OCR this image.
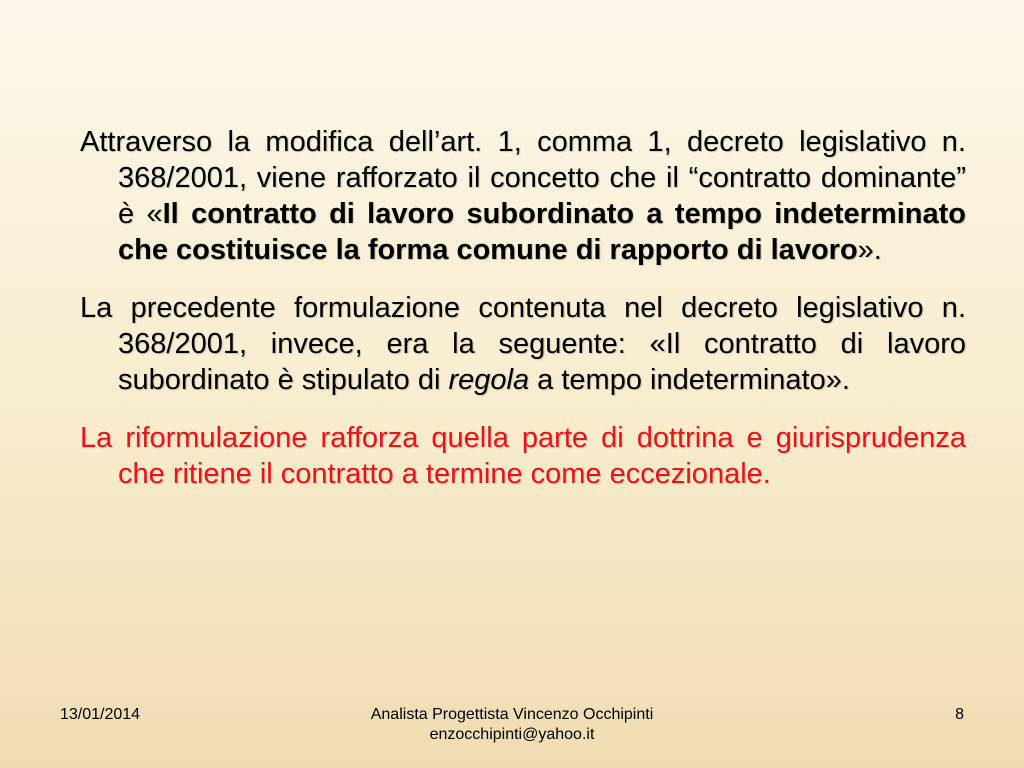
Attraverso la modifica dell’art. 1, comma 1, decreto legislativo n. 368/2001, viene rafforzato il concetto che il “contratto dominante” è «Il contratto di lavoro subordinato a tempo indeterminato che costituisce la forma comune di rapporto di lavoro».

La precedente formulazione contenuta nel decreto legislativo n. 368/2001, invece, era la seguente: «Il contratto di lavoro subordinato è stipulato di regola a tempo indeterminato».

La riformulazione rafforza quella parte di dottrina e giurisprudenza che ritiene il contratto a termine come eccezionale.

13/01/2014	Analista Progettista Vincenzo Occhipinti
enzocchipinti@yahoo.it
8
